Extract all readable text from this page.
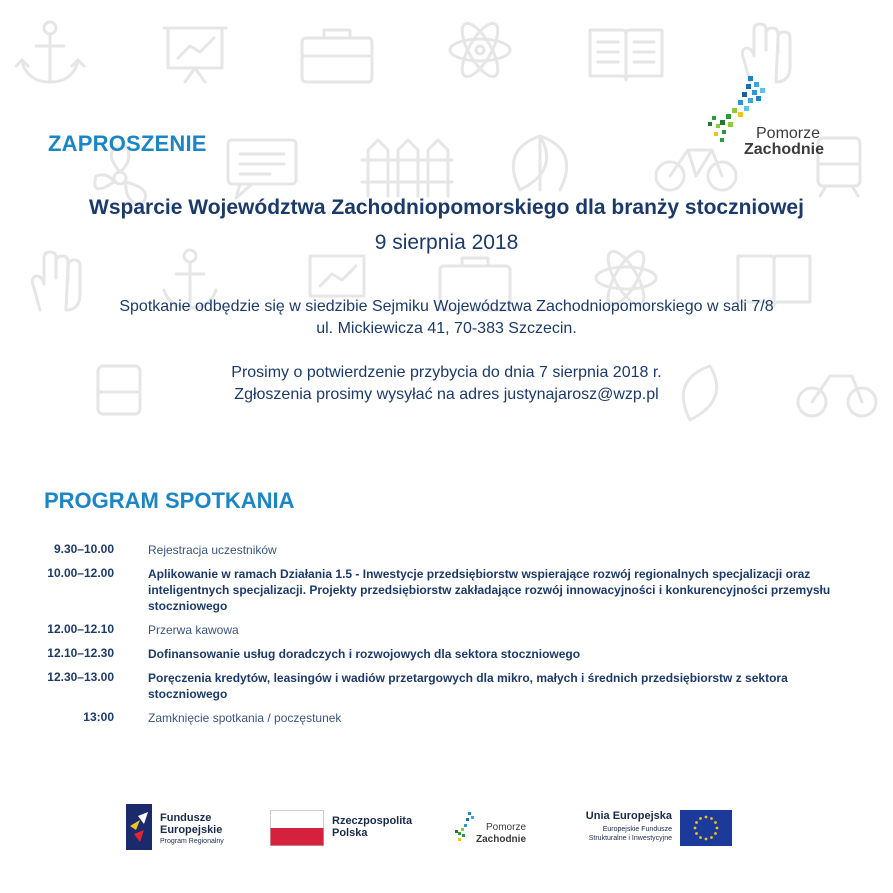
ZAPROSZENIE	Pomorze
Zachodnie
Wsparcie Województwa Zachodniopomorskiego dla branży stoczniowej
9 sierpnia 2018
Spotkanie odbędzie się w siedzibie Sejmiku Województwa Zachodniopomorskiego w sali 7/8
ul. Mickiewicza 41, 70-383 Szczecin.
Prosimy o potwierdzenie przybycia do dnia 7 sierpnia 2018 r.
Zgłoszenia prosimy wysyłać na adres justynajarosz@wzp.pl
PROGRAM SPOTKANIA
9.30–10.00	Rejestracja uczestników
10.00–12.00	Aplikowanie w ramach Działania 1.5 - Inwestycje przedsiębiorstw wspierające rozwój regionalnych specjalizacji oraz inteligentnych specjalizacji. Projekty przedsiębiorstw zakładające rozwój innowacyjności i konkurencyjności przemysłu stoczniowego
12.00–12.10	Przerwa kawowa
12.10–12.30	Dofinansowanie usług doradczych i rozwojowych dla sektora stoczniowego
12.30–13.00	Poręczenia kredytów, leasingów i wadiów przetargowych dla mikro, małych i średnich przedsiębiorstw z sektora stoczniowego
13:00	Zamknięcie spotkania / poczęstunek
Fundusze Europejskie
Program Regionalny
Rzeczpospolita Polska	Pomorze
Zachodnie
Unia Europejska
Europejskie Fundusze
Strukturalne i Inwestycyjne
